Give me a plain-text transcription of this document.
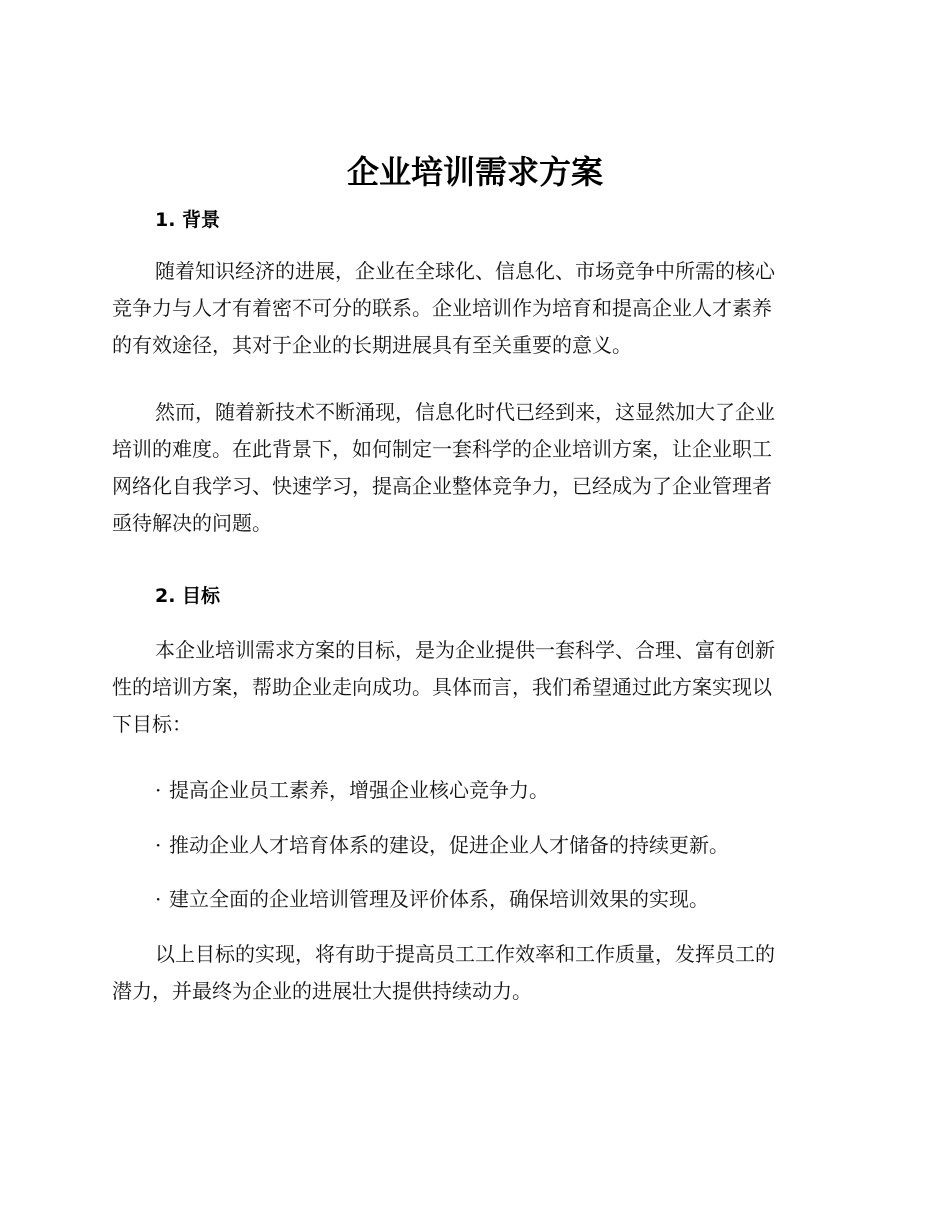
企业培训需求方案
1. 背景

随着知识经济的进展，企业在全球化、信息化、市场竞争中所需的核心
竞争力与人才有着密不可分的联系。企业培训作为培育和提高企业人才素养
的有效途径，其对于企业的长期进展具有至关重要的意义。

然而，随着新技术不断涌现，信息化时代已经到来，这显然加大了企业
培训的难度。在此背景下，如何制定一套科学的企业培训方案，让企业职工
网络化自我学习、快速学习，提高企业整体竞争力，已经成为了企业管理者
亟待解决的问题。

2. 目标

本企业培训需求方案的目标，是为企业提供一套科学、合理、富有创新
性的培训方案，帮助企业走向成功。具体而言，我们希望通过此方案实现以
下目标：

· 提高企业员工素养，增强企业核心竞争力。

· 推动企业人才培育体系的建设，促进企业人才储备的持续更新。

· 建立全面的企业培训管理及评价体系，确保培训效果的实现。

以上目标的实现，将有助于提高员工工作效率和工作质量，发挥员工的
潜力，并最终为企业的进展壮大提供持续动力。
